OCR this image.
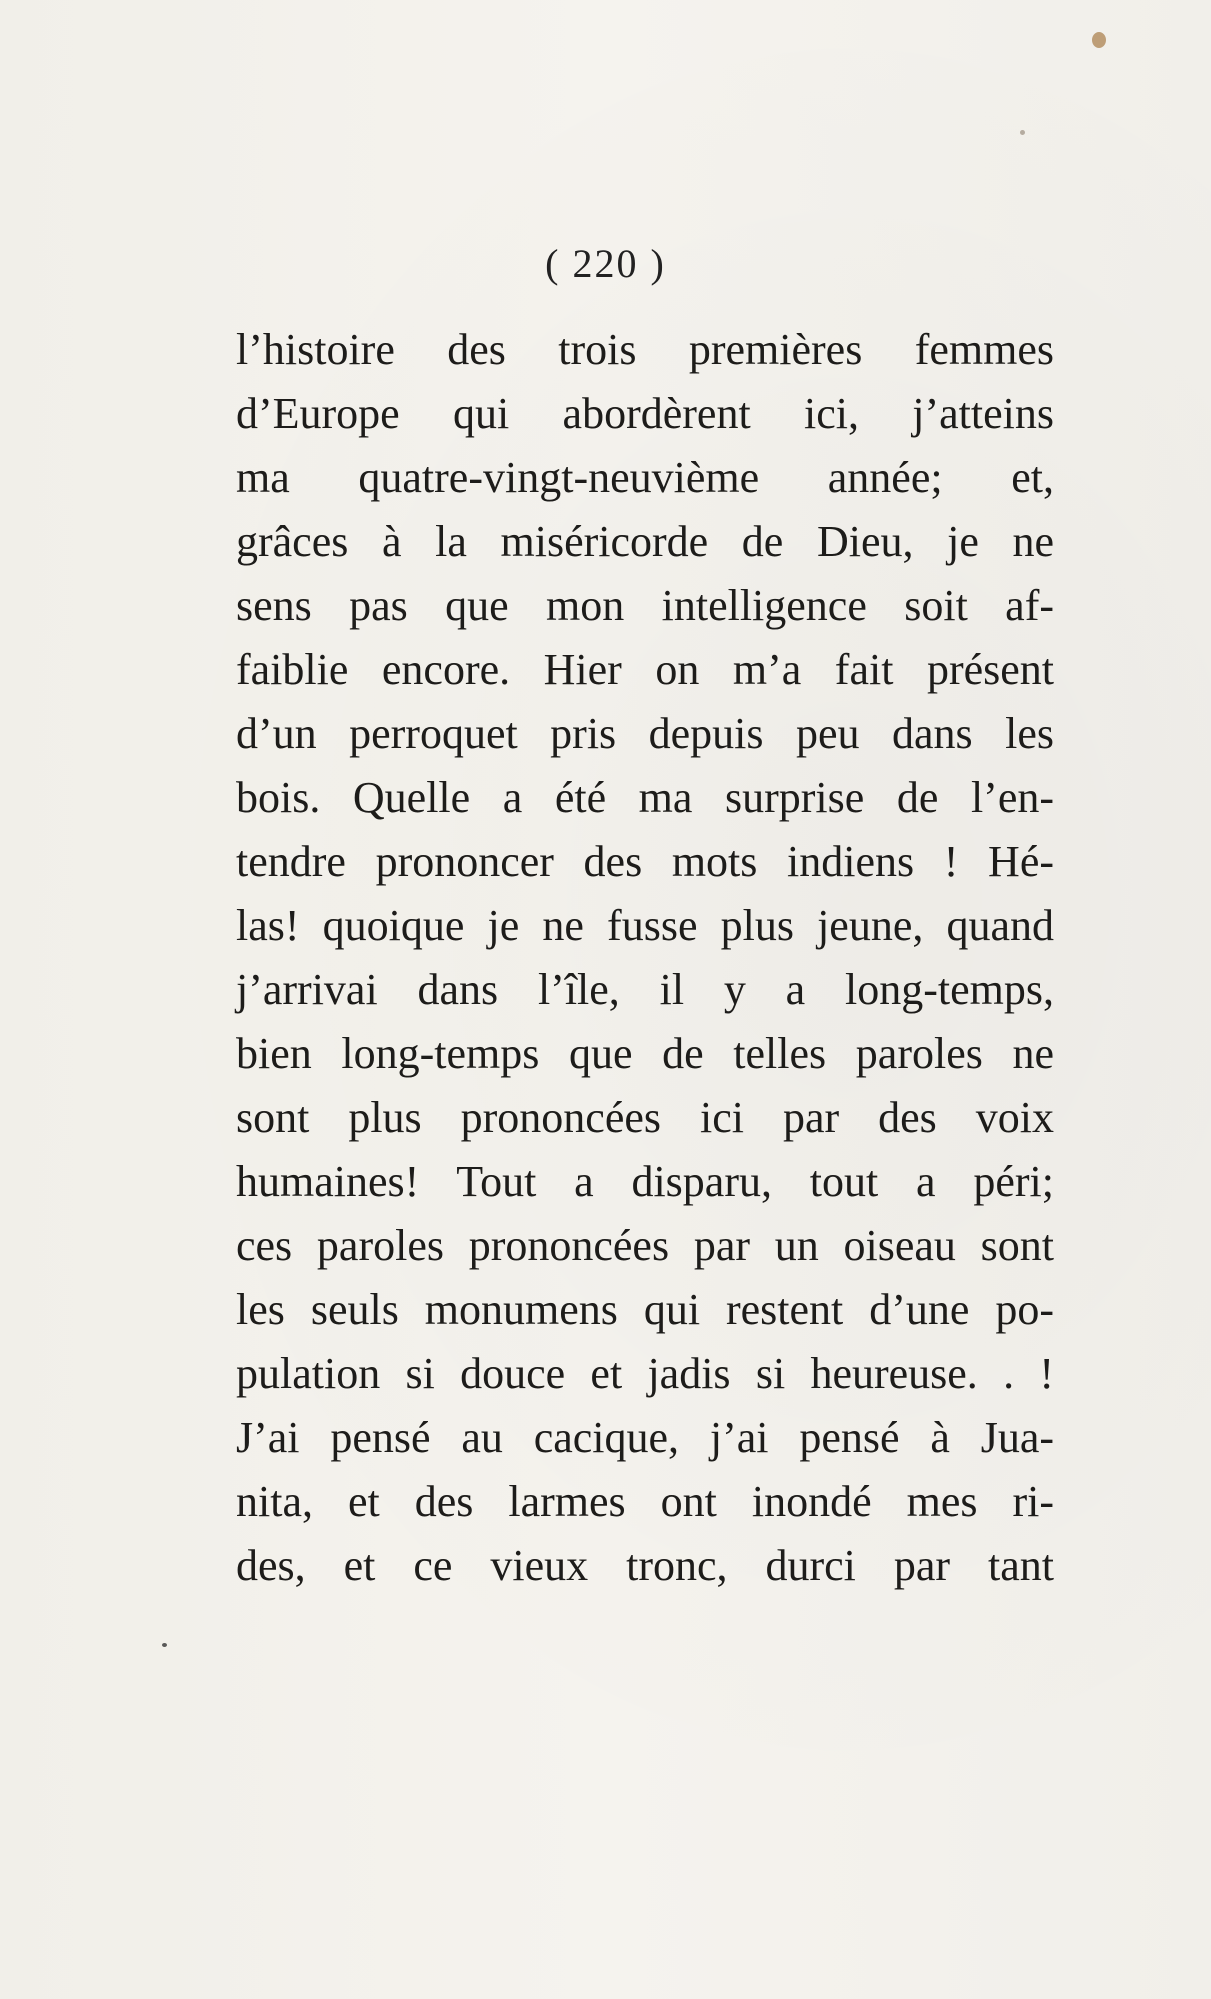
( 220 )
l’histoire des trois premières femmes
d’Europe qui abordèrent ici, j’atteins
ma quatre-vingt-neuvième année; et,
grâces à la miséricorde de Dieu, je ne
sens pas que mon intelligence soit af-
faiblie encore. Hier on m’a fait présent
d’un perroquet pris depuis peu dans les
bois. Quelle a été ma surprise de l’en-
tendre prononcer des mots indiens ! Hé-
las! quoique je ne fusse plus jeune, quand
j’arrivai dans l’île, il y a long-temps,
bien long-temps que de telles paroles ne
sont plus prononcées ici par des voix
humaines! Tout a disparu, tout a péri;
ces paroles prononcées par un oiseau sont
les seuls monumens qui restent d’une po-
pulation si douce et jadis si heureuse. . !
J’ai pensé au cacique, j’ai pensé à Jua-
nita, et des larmes ont inondé mes ri-
des, et ce vieux tronc, durci par tant
